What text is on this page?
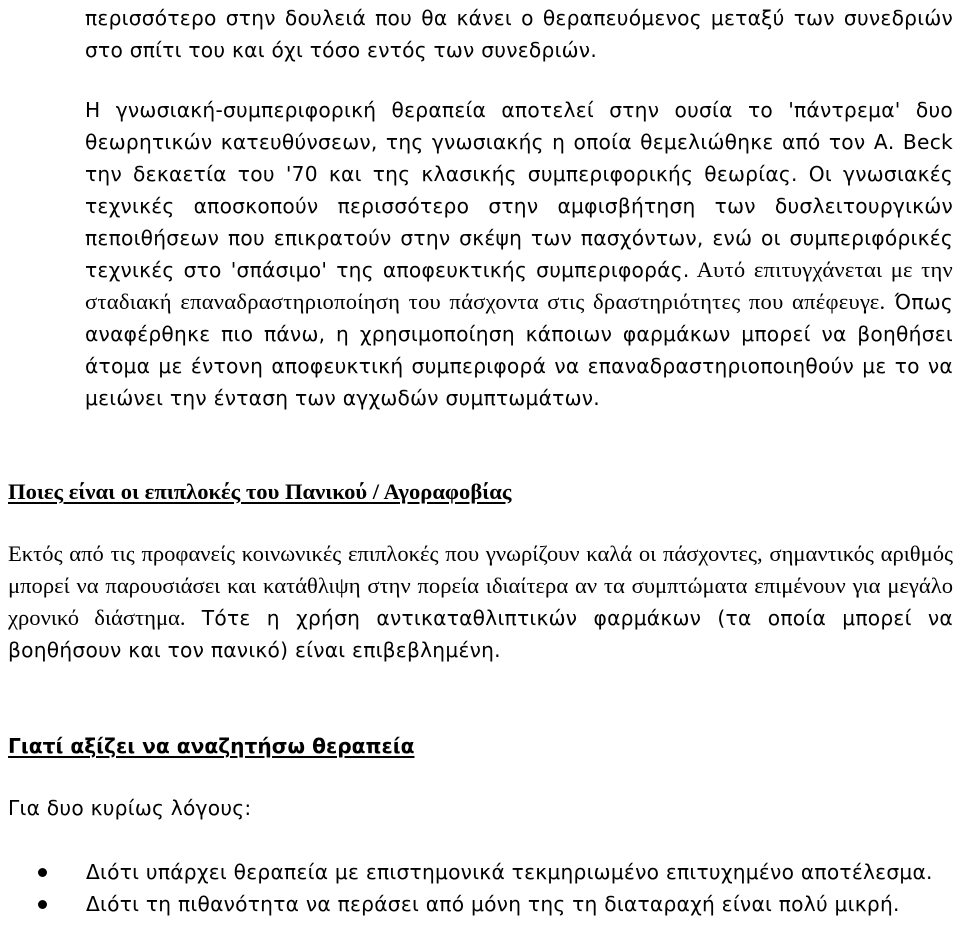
περισσότερο στην δουλειά που θα κάνει ο θεραπευόμενος μεταξύ των συνεδριών στο σπίτι του και όχι τόσο εντός των συνεδριών.

Η γνωσιακή-συμπεριφορική θεραπεία αποτελεί στην ουσία το 'πάντρεμα' δυο θεωρητικών κατευθύνσεων, της γνωσιακής η οποία θεμελιώθηκε από τον Α. Beck την δεκαετία του '70 και της κλασικής συμπεριφορικής θεωρίας. Οι γνωσιακές τεχνικές αποσκοπούν περισσότερο στην αμφισβήτηση των δυσλειτουργικών πεποιθήσεων που επικρατούν στην σκέψη των πασχόντων, ενώ οι συμπεριφόρικές τεχνικές στο 'σπάσιμο' της αποφευκτικής συμπεριφοράς. Αυτό επιτυγχάνεται με την σταδιακή επαναδραστηριοποίηση του πάσχοντα στις δραστηριότητες που απέφευγε. Όπως αναφέρθηκε πιο πάνω, η χρησιμοποίηση κάποιων φαρμάκων μπορεί να βοηθήσει άτομα με έντονη αποφευκτική συμπεριφορά να επαναδραστηριοποιηθούν με το να μειώνει την ένταση των αγχωδών συμπτωμάτων.

Ποιες είναι οι επιπλοκές του Πανικού / Αγοραφοβίας

Εκτός από τις προφανείς κοινωνικές επιπλοκές που γνωρίζουν καλά οι πάσχοντες, σημαντικός αριθμός μπορεί να παρουσιάσει και κατάθλιψη στην πορεία ιδιαίτερα αν τα συμπτώματα επιμένουν για μεγάλο χρονικό διάστημα. Τότε η χρήση αντικαταθλιπτικών φαρμάκων (τα οποία μπορεί να βοηθήσουν και τον πανικό) είναι επιβεβλημένη.

Γιατί αξίζει να αναζητήσω θεραπεία

Για δυο κυρίως λόγους:

Διότι υπάρχει θεραπεία με επιστημονικά τεκμηριωμένο επιτυχημένο αποτέλεσμα.
Διότι τη πιθανότητα να περάσει από μόνη της τη διαταραχή είναι πολύ μικρή.
